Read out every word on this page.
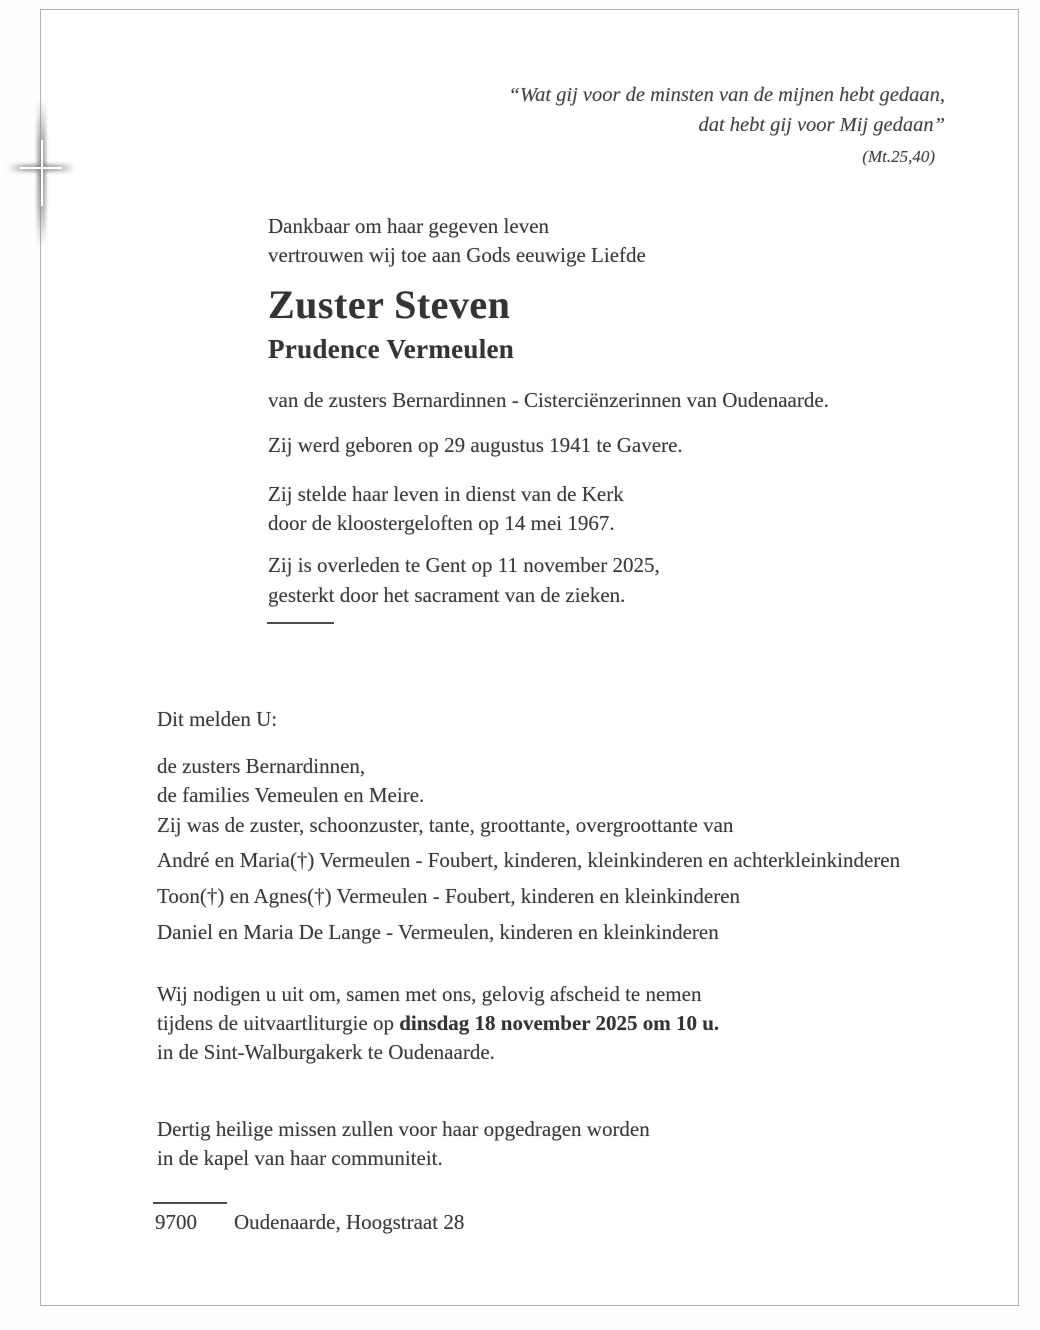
“Wat gij voor de minsten van de mijnen hebt gedaan,
dat hebt gij voor Mij gedaan”
(Mt.25,40)
Dankbaar om haar gegeven leven
vertrouwen wij toe aan Gods eeuwige Liefde
Zuster Steven
Prudence Vermeulen
van de zusters Bernardinnen - Cisterciënzerinnen van Oudenaarde.
Zij werd geboren op 29 augustus 1941 te Gavere.
Zij stelde haar leven in dienst van de Kerk
door de kloostergeloften op 14 mei 1967.
Zij is overleden te Gent op 11 november 2025,
gesterkt door het sacrament van de zieken.
Dit melden U:
de zusters Bernardinnen,
de families Vemeulen en Meire.
Zij was de zuster, schoonzuster, tante, groottante, overgroottante van
André en Maria(†) Vermeulen - Foubert, kinderen, kleinkinderen en achterkleinkinderen
Toon(†) en Agnes(†) Vermeulen - Foubert, kinderen en kleinkinderen
Daniel en Maria De Lange - Vermeulen, kinderen en kleinkinderen
Wij nodigen u uit om, samen met ons, gelovig afscheid te nemen
tijdens de uitvaartliturgie op dinsdag 18 november 2025 om 10 u.
in de Sint-Walburgakerk te Oudenaarde.
Dertig heilige missen zullen voor haar opgedragen worden
in de kapel van haar communiteit.
9700 Oudenaarde, Hoogstraat 28
